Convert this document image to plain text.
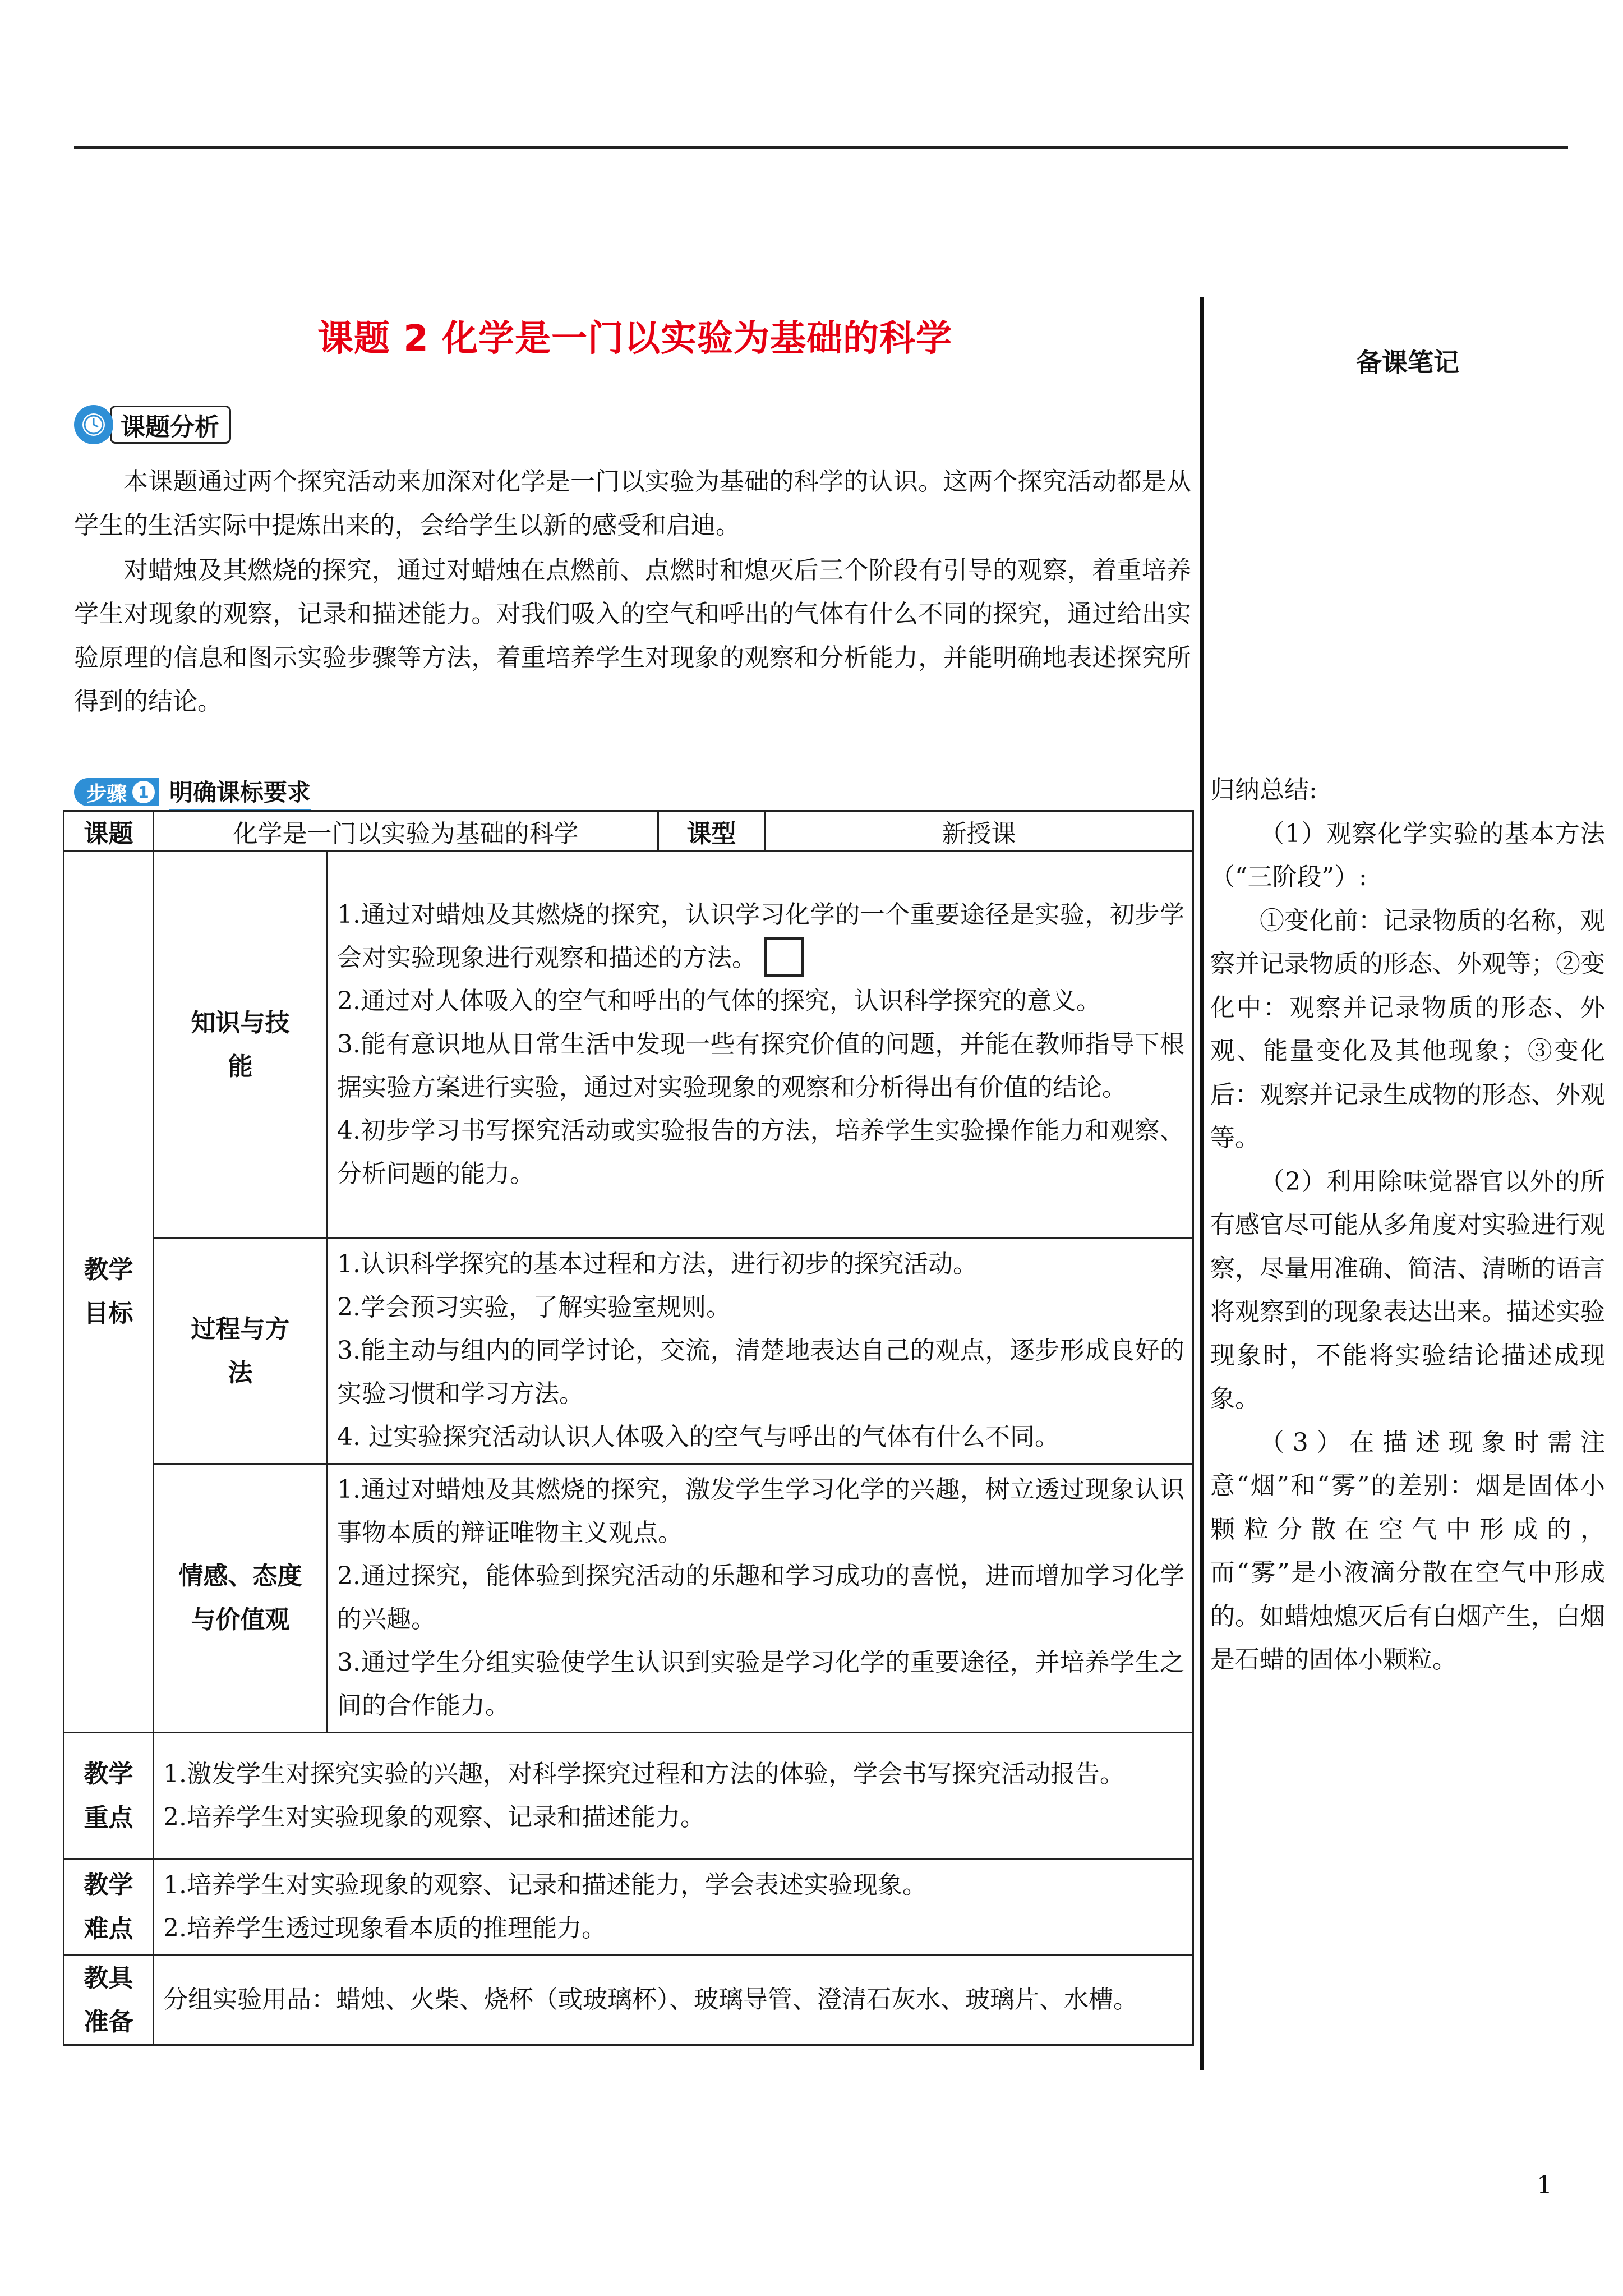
课题 2 化学是一门以实验为基础的科学
备课笔记
课题分析

本课题通过两个探究活动来加深对化学是一门以实验为基础的科学的认识。这两个探究活动都是从学生的生活实际中提炼出来的，会给学生以新的感受和启迪。

对蜡烛及其燃烧的探究，通过对蜡烛在点燃前、点燃时和熄灭后三个阶段有引导的观察，着重培养学生对现象的观察，记录和描述能力。对我们吸入的空气和呼出的气体有什么不同的探究，通过给出实验原理的信息和图示实验步骤等方法，着重培养学生对现象的观察和分析能力，并能明确地表述探究所得到的结论。

步骤 1 明确课标要求
课题	化学是一门以实验为基础的科学		课型	新授课
教学目标	知识与技能	1.通过对蜡烛及其燃烧的探究，认识学习化学的一个重要途径是实验，初步学会对实验现象进行观察和描述的方法。
2.通过对人体吸入的空气和呼出的气体的探究，认识科学探究的意义。
3.能有意识地从日常生活中发现一些有探究价值的问题，并能在教师指导下根据实验方案进行实验，通过对实验现象的观察和分析得出有价值的结论。
4.初步学习书写探究活动或实验报告的方法，培养学生实验操作能力和观察、分析问题的能力。		

	过程与方法	1.认识科学探究的基本过程和方法，进行初步的探究活动。
2.学会预习实验，了解实验室规则。
3.能主动与组内的同学讨论，交流，清楚地表达自己的观点，逐步形成良好的实验习惯和学习方法。
4. 过实验探究活动认识人体吸入的空气与呼出的气体有什么不同。		

	情感、态度与价值观	1.通过对蜡烛及其燃烧的探究，激发学生学习化学的兴趣，树立透过现象认识事物本质的辩证唯物主义观点。
2.通过探究，能体验到探究活动的乐趣和学习成功的喜悦，进而增加学习化学的兴趣。
3.通过学生分组实验使学生认识到实验是学习化学的重要途径，并培养学生之间的合作能力。		

教学重点	1.激发学生对探究实验的兴趣，对科学探究过程和方法的体验，学会书写探究活动报告。
2.培养学生对实验现象的观察、记录和描述能力。			

教学难点	1.培养学生对实验现象的观察、记录和描述能力，学会表述实验现象。
2.培养学生透过现象看本质的推理能力。			

教具准备	分组实验用品：蜡烛、火柴、烧杯（或玻璃杯）、玻璃导管、澄清石灰水、玻璃片、水槽。			

归纳总结:

（1）观察化学实验的基本方法（“三阶段”）:

①变化前：记录物质的名称，观察并记录物质的形态、外观等；②变化中：观察并记录物质的形态、外观、能量变化及其他现象；③变化后：观察并记录生成物的形态、外观等。

（2）利用除味觉器官以外的所有感官尽可能从多角度对实验进行观察，尽量用准确、简洁、清晰的语言将观察到的现象表达出来。描述实验现象时，不能将实验结论描述成现象。

（3）在描述现象时需注意“烟”和“雾”的差别：烟是固体小颗粒分散在空气中形成的，而“雾”是小液滴分散在空气中形成的。如蜡烛熄灭后有白烟产生，白烟是石蜡的固体小颗粒。

1
